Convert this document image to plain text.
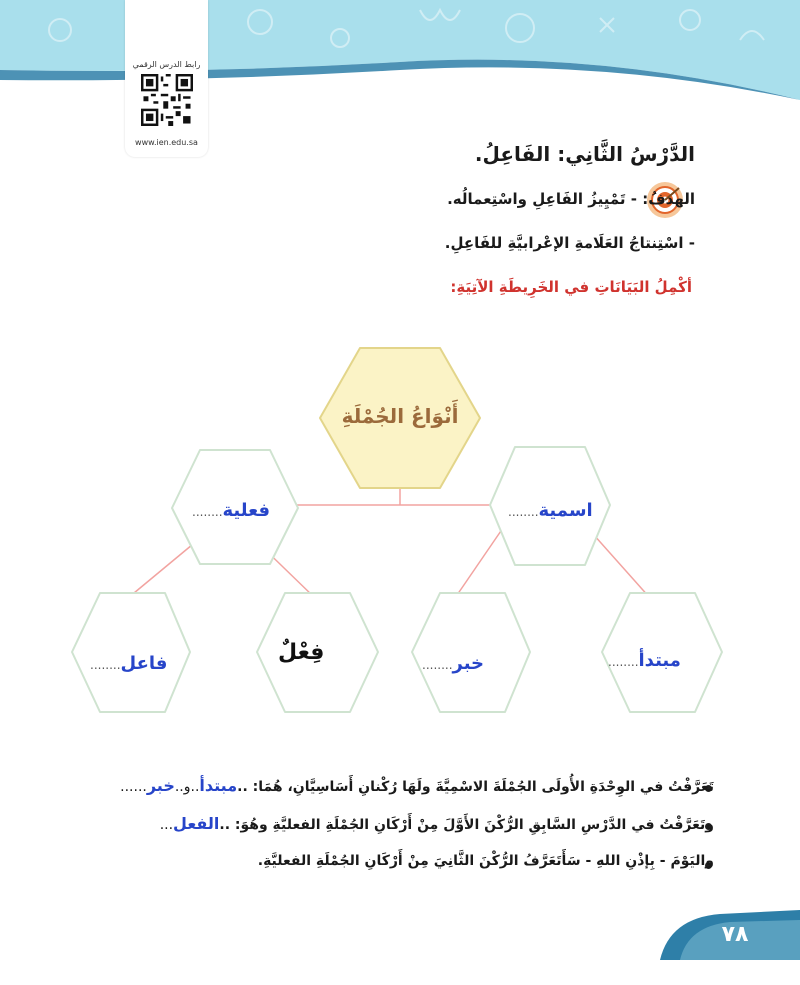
رابط الدرس الرقمي
www.ien.edu.sa	الدَّرْسُ الثَّانِي: الفَاعِلُ.
الهدفُ: - تَمْيِيزُ الفَاعِلِ واسْتِعمالُه.
- اسْتِنتاجُ العَلَامةِ الإعْرابيَّةِ للفَاعِلِ.
أكْمِلُ البَيَانَاتِ في الخَرِيطَةِ الآتِيَةِ:
أَنْوَاعُ الجُمْلَةِ
فعلية........	اسمية........
فاعل........	فِعْلٌ	خبر........	مبتدأ........
تَعَرَّفْتُ في الوِحْدَةِ الأُولَى الجُمْلَةَ الاسْمِيَّةَ ولَهَا رُكْنانِ أَسَاسِيَّانِ، هُمَا: ..مبتدأ..و..خبر......
وتَعَرَّفْتُ في الدَّرْسِ السَّابِقِ الرُّكْنَ الأَوَّلَ مِنْ أَرْكَانِ الجُمْلَةِ الفعليَّةِ وهُوَ: ..الفعل...
واليَوْمَ - بِإذْنِ اللهِ - سَأَتَعَرَّفُ الرُّكْنَ الثَّانِيَ مِنْ أَرْكَانِ الجُمْلَةِ الفعليَّةِ.
٧٨
